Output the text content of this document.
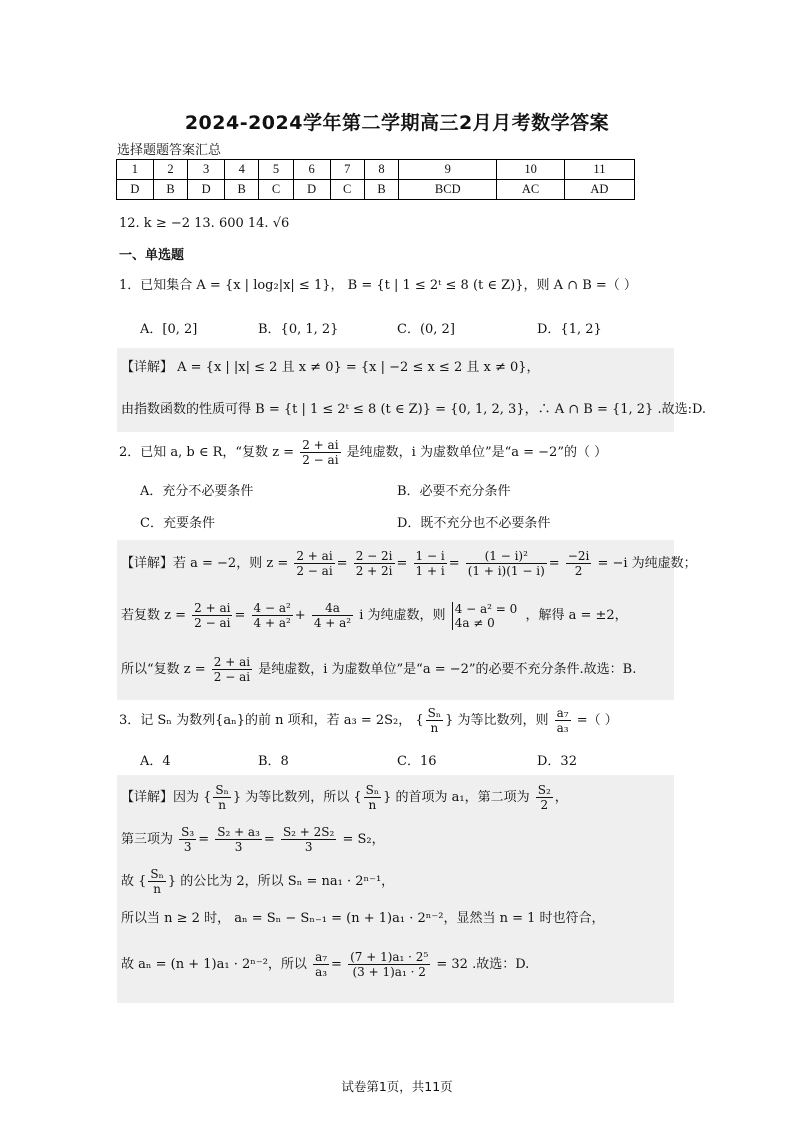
2024-2024学年第二学期高三2月月考数学答案
选择题题答案汇总
1	2	3	4	5	6	7	8	9	10	11
D	B	D	B	C	D	C	B	BCD	AC	AD
12. k ≥ −2 13. 600 14. √6
一、单选题
1．已知集合 A = {x | log₂|x| ≤ 1}， B = {t | 1 ≤ 2ᵗ ≤ 8 (t ∈ Z)}，则 A ∩ B =（ ）
A．[0, 2]	B．{0, 1, 2}	C．(0, 2]	D．{1, 2}
【详解】 A = {x | |x| ≤ 2 且 x ≠ 0} = {x | −2 ≤ x ≤ 2 且 x ≠ 0}，
由指数函数的性质可得 B = {t | 1 ≤ 2ᵗ ≤ 8 (t ∈ Z)} = {0, 1, 2, 3}，∴ A ∩ B = {1, 2} .故选:D.
2．已知 a, b ∈ R，“复数 $z = \frac{2 + ai}{2 - ai}$ 是纯虚数，i 为虚数单位”是“a = −2”的（ ）
A．充分不必要条件	B．必要不充分条件
C．充要条件	D．既不充分也不必要条件
【详解】若 a = −2，则 $z = \frac{2 + ai}{2 - ai} = \frac{2 - 2i}{2 + 2i} = \frac{1 - i}{1 + i} = \frac{\text{(1 − i)²}}{(1 + i)(1 - i)} = \frac{-2i}{2} = -i$ 为纯虚数；
若复数 $z = \frac{2 + ai}{2 - ai} = \frac{\text{4 − a²}}{\text{4 + a²}} + \frac{4a}{\text{4 + a²}}$ i 为纯虚数，则 4 − a² = 0
4a ≠ 0	，解得 a = ±2，
所以“复数 $z = \frac{2 + ai}{2 - ai}$ 是纯虚数，i 为虚数单位”是“a = −2”的必要不充分条件.故选：B.
3．记 Sₙ 为数列{aₙ}的前 n 项和，若 a₃ = 2S₂， { $\frac{\text{Sₙ}}{n}$ } 为等比数列，则 $\frac{\text{a₇}}{\text{a₃}}$ =（ ）
A．4	B．8	C．16	D．32
【详解】因为 { $\frac{\text{Sₙ}}{n}$ } 为等比数列，所以 { $\frac{\text{Sₙ}}{n}$ } 的首项为 a₁，第二项为 $\frac{\text{S₂}}{2}$ ，
第三项为 $\frac{\text{S₃}}{3} = \frac{\text{S₂ + a₃}}{3} = \frac{\text{S₂ + 2S₂}}{3} = S_2$，
故 { $\frac{\text{Sₙ}}{n}$ } 的公比为 2，所以 Sₙ = na₁ · 2ⁿ⁻¹，
所以当 n ≥ 2 时， aₙ = Sₙ − Sₙ₋₁ = (n + 1)a₁ · 2ⁿ⁻²，显然当 n = 1 时也符合，
故 aₙ = (n + 1)a₁ · 2ⁿ⁻²，所以 $\frac{\text{a₇}}{\text{a₃}} = \frac{\text{(7 + 1)a₁ · 2⁵}}{\text{(3 + 1)a₁ · 2}} = 32$ .故选：D.
试卷第1页，共11页
